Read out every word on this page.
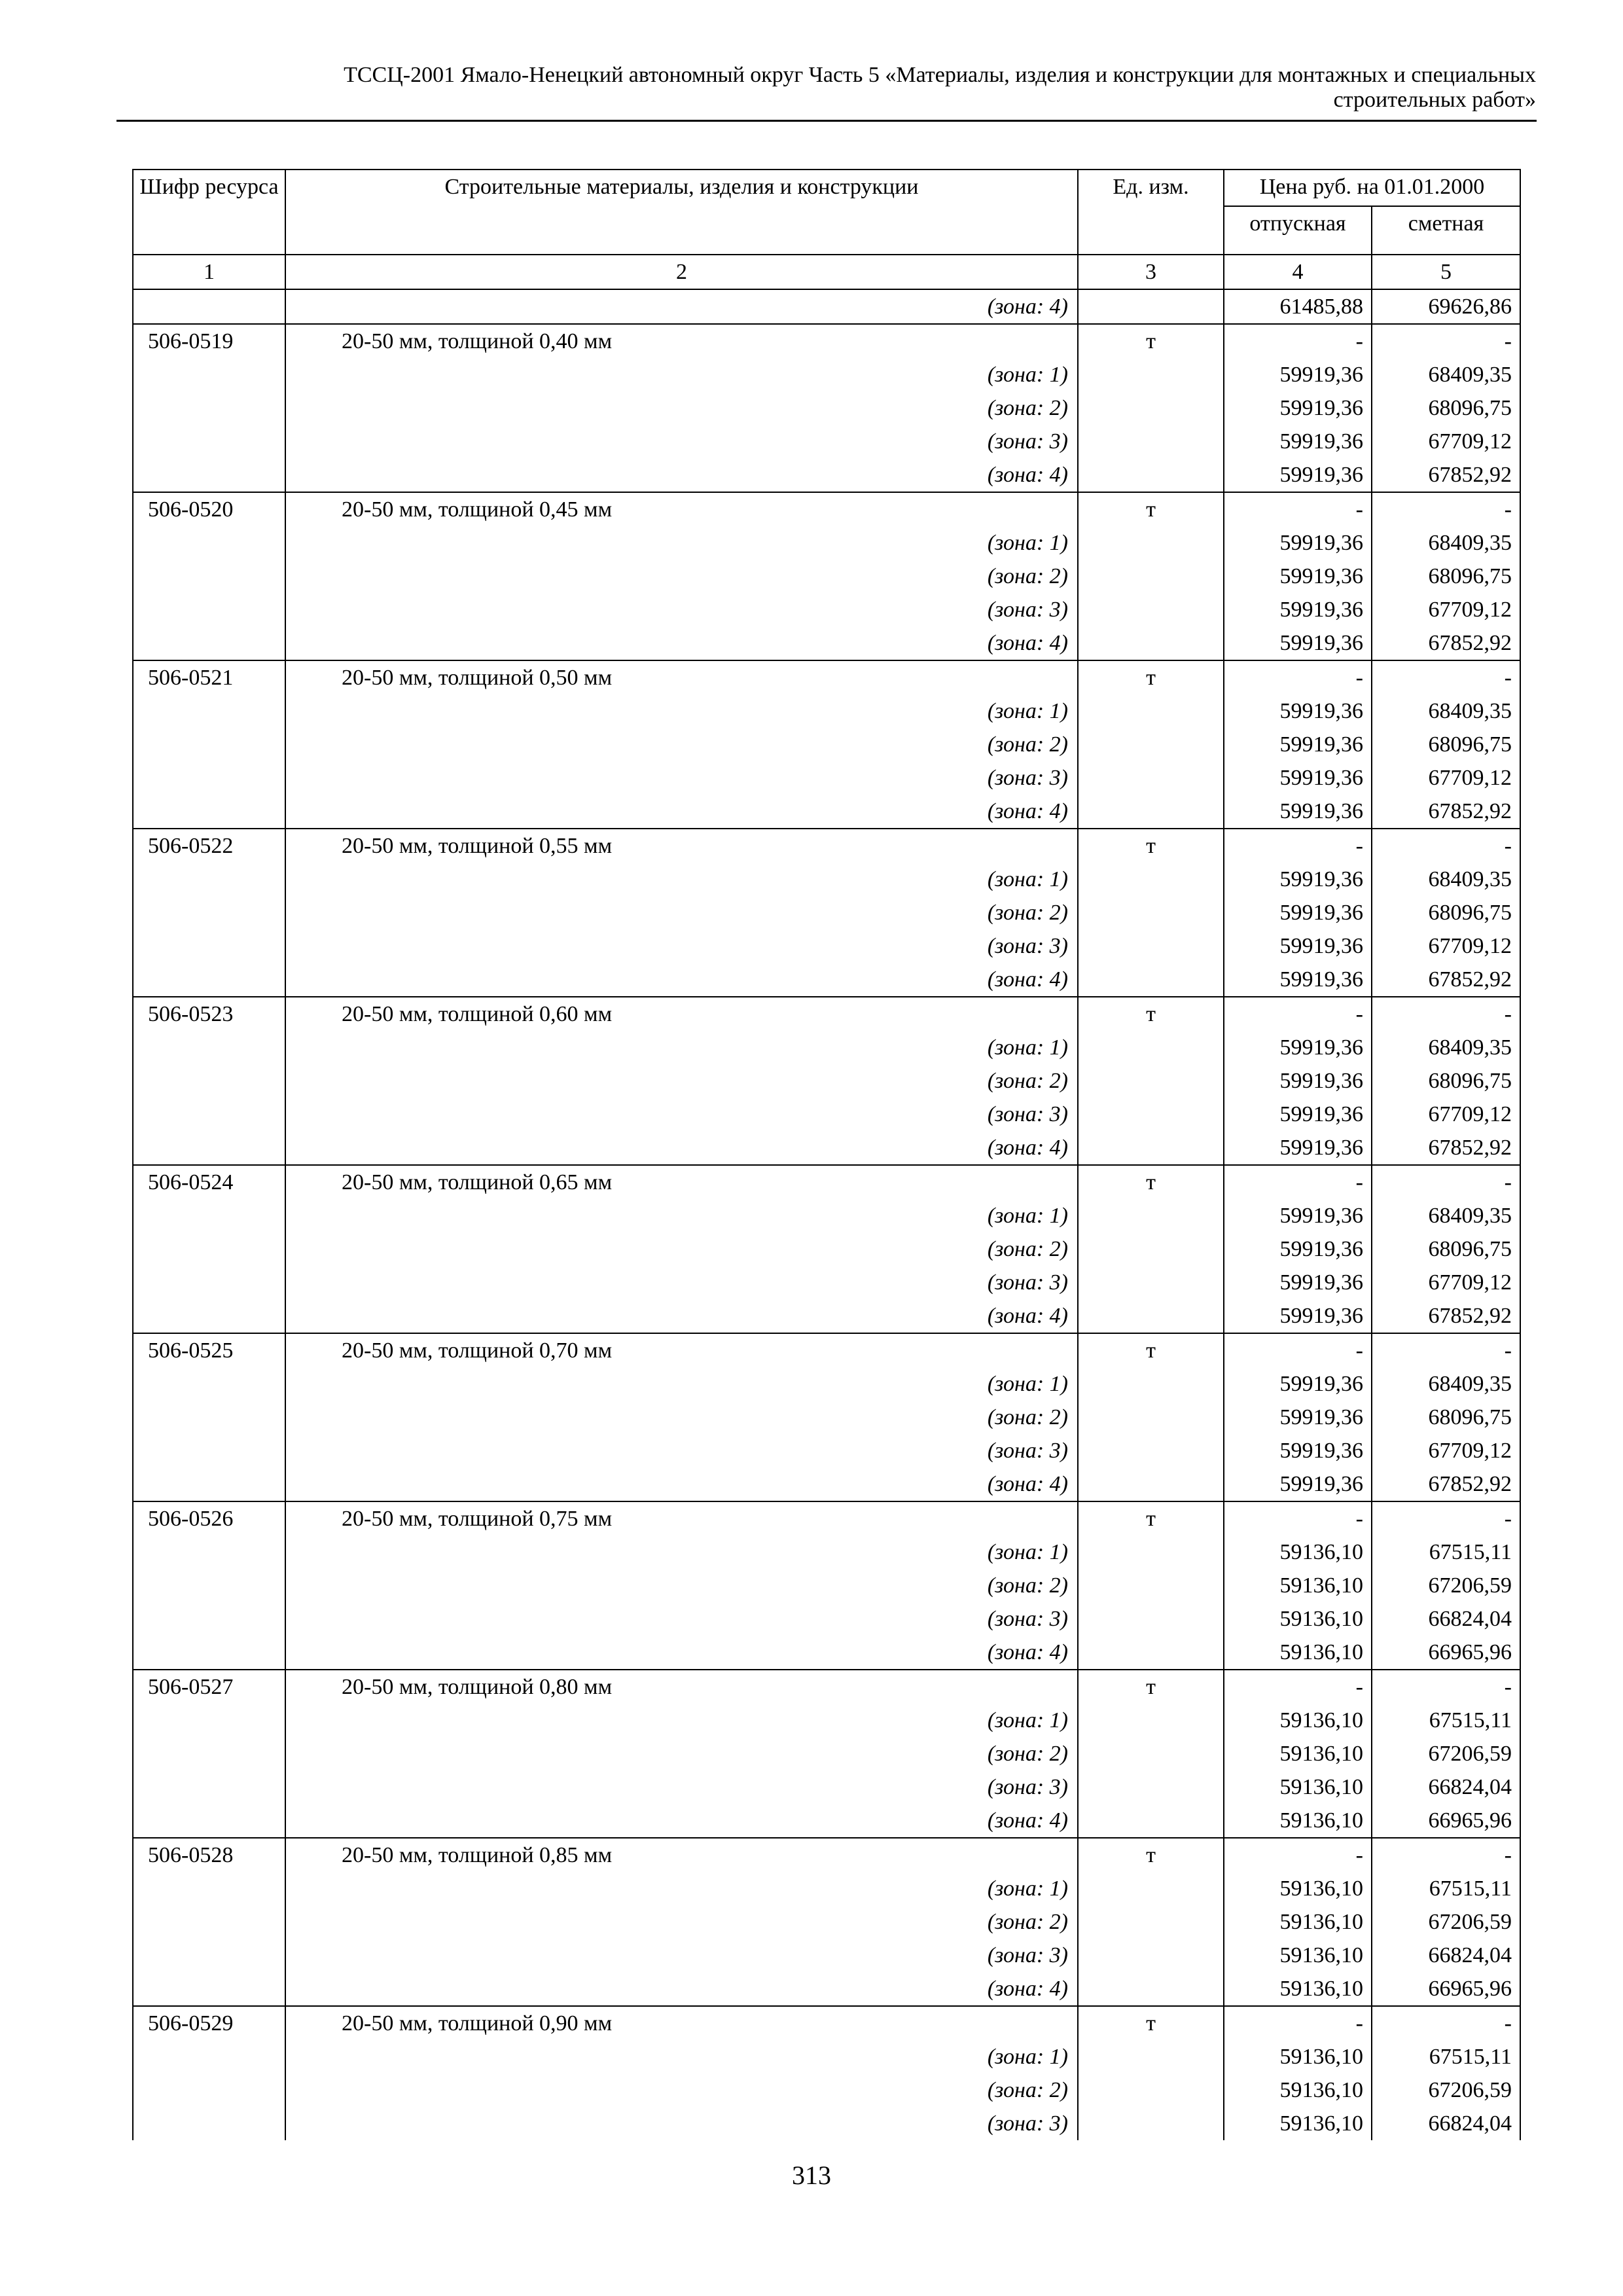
ТССЦ-2001 Ямало-Ненецкий автономный округ Часть 5 «Материалы, изделия и конструкции для монтажных и специальных
строительных работ»
Шифр ресурса	Строительные материалы, изделия и конструкции	Ед. изм.	Цена руб. на 01.01.2000	
			отпускная	сметная
1	2	3	4	5

	(зона: 4)		61485,88	69626,86
506-0519	20-50 мм, толщиной 0,40 мм	т	-	-

	(зона: 1)		59919,36	68409,35

	(зона: 2)		59919,36	68096,75

	(зона: 3)		59919,36	67709,12

	(зона: 4)		59919,36	67852,92
506-0520	20-50 мм, толщиной 0,45 мм	т	-	-

	(зона: 1)		59919,36	68409,35

	(зона: 2)		59919,36	68096,75

	(зона: 3)		59919,36	67709,12

	(зона: 4)		59919,36	67852,92
506-0521	20-50 мм, толщиной 0,50 мм	т	-	-

	(зона: 1)		59919,36	68409,35

	(зона: 2)		59919,36	68096,75

	(зона: 3)		59919,36	67709,12

	(зона: 4)		59919,36	67852,92
506-0522	20-50 мм, толщиной 0,55 мм	т	-	-

	(зона: 1)		59919,36	68409,35

	(зона: 2)		59919,36	68096,75

	(зона: 3)		59919,36	67709,12

	(зона: 4)		59919,36	67852,92
506-0523	20-50 мм, толщиной 0,60 мм	т	-	-

	(зона: 1)		59919,36	68409,35

	(зона: 2)		59919,36	68096,75

	(зона: 3)		59919,36	67709,12

	(зона: 4)		59919,36	67852,92
506-0524	20-50 мм, толщиной 0,65 мм	т	-	-

	(зона: 1)		59919,36	68409,35

	(зона: 2)		59919,36	68096,75

	(зона: 3)		59919,36	67709,12

	(зона: 4)		59919,36	67852,92
506-0525	20-50 мм, толщиной 0,70 мм	т	-	-

	(зона: 1)		59919,36	68409,35

	(зона: 2)		59919,36	68096,75

	(зона: 3)		59919,36	67709,12

	(зона: 4)		59919,36	67852,92
506-0526	20-50 мм, толщиной 0,75 мм	т	-	-

	(зона: 1)		59136,10	67515,11

	(зона: 2)		59136,10	67206,59

	(зона: 3)		59136,10	66824,04

	(зона: 4)		59136,10	66965,96
506-0527	20-50 мм, толщиной 0,80 мм	т	-	-

	(зона: 1)		59136,10	67515,11

	(зона: 2)		59136,10	67206,59

	(зона: 3)		59136,10	66824,04

	(зона: 4)		59136,10	66965,96
506-0528	20-50 мм, толщиной 0,85 мм	т	-	-

	(зона: 1)		59136,10	67515,11

	(зона: 2)		59136,10	67206,59

	(зона: 3)		59136,10	66824,04

	(зона: 4)		59136,10	66965,96
506-0529	20-50 мм, толщиной 0,90 мм	т	-	-

	(зона: 1)		59136,10	67515,11

	(зона: 2)		59136,10	67206,59

	(зона: 3)		59136,10	66824,04
313
